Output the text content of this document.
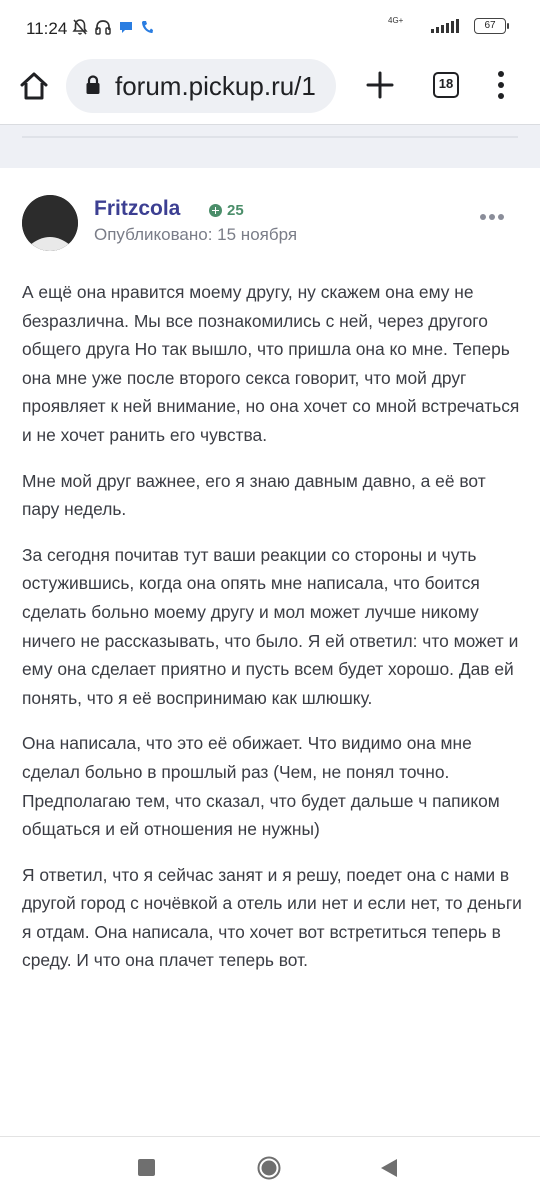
11:24	4G+	67
forum.pickup.ru/1	18
Fritzcola	25
Опубликовано: 15 ноября

А ещё она нравится моему другу, ну скажем она ему не безразлична. Мы все познакомились с ней, через другого общего друга Но так вышло, что пришла она ко мне. Теперь она мне уже после второго секса говорит, что мой друг проявляет к ней внимание, но она хочет со мной встречаться и не хочет ранить его чувства.

Мне мой друг важнее, его я знаю давным давно, а её вот пару недель.

За сегодня почитав тут ваши реакции со стороны и чуть остужившись, когда она опять мне написала, что боится сделать больно моему другу и мол может лучше никому ничего не рассказывать, что было. Я ей ответил: что может и ему она сделает приятно и пусть всем будет хорошо. Дав ей понять, что я её воспринимаю как шлюшку.

Она написала, что это её обижает. Что видимо она мне сделал больно в прошлый раз (Чем, не понял точно. Предполагаю тем, что сказал, что будет дальше ч папиком общаться и ей отношения не нужны)

Я ответил, что я сейчас занят и я решу, поедет она с нами в другой город с ночёвкой а отель или нет и если нет, то деньги я отдам. Она написала, что хочет вот встретиться теперь в среду. И что она плачет теперь вот.
